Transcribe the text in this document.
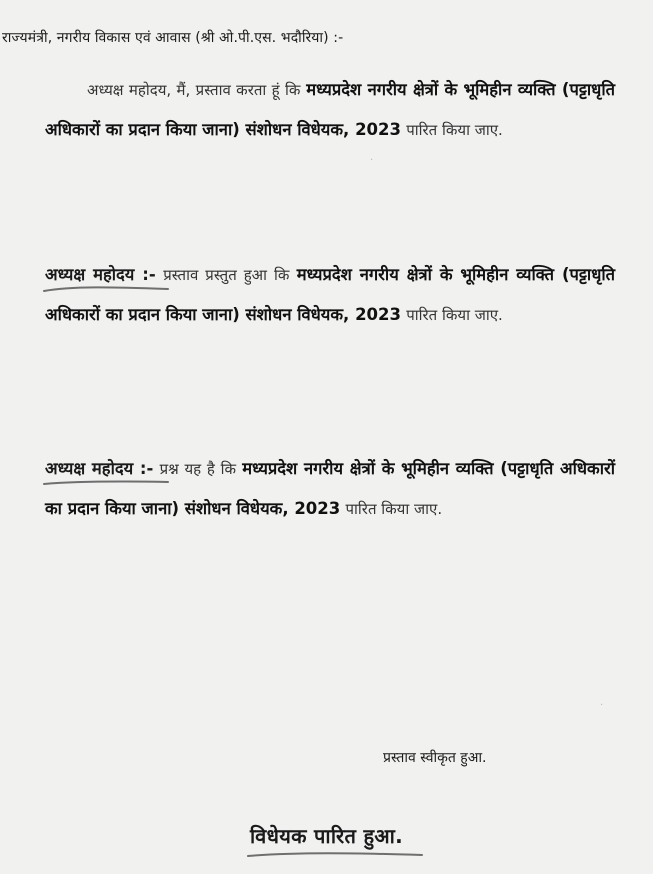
राज्यमंत्री, नगरीय विकास एवं आवास (श्री ओ.पी.एस. भदौरिया) :-
अध्यक्ष महोदय, मैं, प्रस्ताव करता हूं कि मध्यप्रदेश नगरीय क्षेत्रों के भूमिहीन व्यक्ति (पट्टाधृति अधिकारों का प्रदान किया जाना) संशोधन विधेयक, 2023 पारित किया जाए.
अध्यक्ष महोदय :- प्रस्ताव प्रस्तुत हुआ कि मध्यप्रदेश नगरीय क्षेत्रों के भूमिहीन व्यक्ति (पट्टाधृति अधिकारों का प्रदान किया जाना) संशोधन विधेयक, 2023 पारित किया जाए.
अध्यक्ष महोदय :- प्रश्न यह है कि मध्यप्रदेश नगरीय क्षेत्रों के भूमिहीन व्यक्ति (पट्टाधृति अधिकारों का प्रदान किया जाना) संशोधन विधेयक, 2023 पारित किया जाए.
प्रस्ताव स्वीकृत हुआ.
विधेयक पारित हुआ.
·
·
